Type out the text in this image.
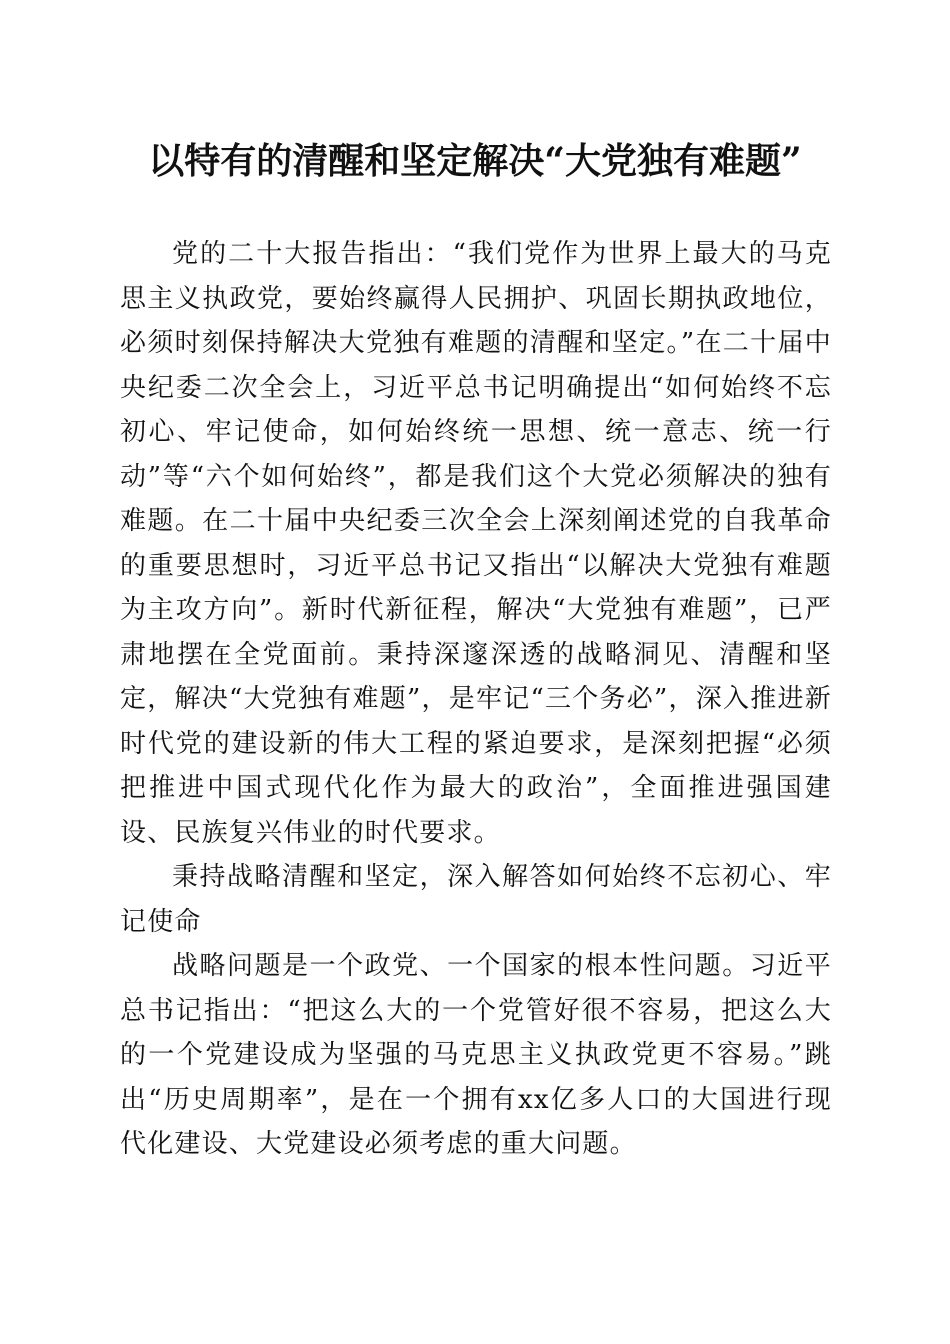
以特有的清醒和坚定解决“大党独有难题”

党的二十大报告指出：“我们党作为世界上最大的马克思主义执政党，要始终赢得人民拥护、巩固长期执政地位，必须时刻保持解决大党独有难题的清醒和坚定。”在二十届中央纪委二次全会上，习近平总书记明确提出“如何始终不忘初心、牢记使命，如何始终统一思想、统一意志、统一行动”等“六个如何始终”，都是我们这个大党必须解决的独有难题。在二十届中央纪委三次全会上深刻阐述党的自我革命的重要思想时，习近平总书记又指出“以解决大党独有难题为主攻方向”。新时代新征程，解决“大党独有难题”，已严肃地摆在全党面前。秉持深邃深透的战略洞见、清醒和坚定，解决“大党独有难题”，是牢记“三个务必”，深入推进新时代党的建设新的伟大工程的紧迫要求，是深刻把握“必须把推进中国式现代化作为最大的政治”，全面推进强国建设、民族复兴伟业的时代要求。

秉持战略清醒和坚定，深入解答如何始终不忘初心、牢记使命

战略问题是一个政党、一个国家的根本性问题。习近平总书记指出：“把这么大的一个党管好很不容易，把这么大的一个党建设成为坚强的马克思主义执政党更不容易。”跳出“历史周期率”，是在一个拥有xx亿多人口的大国进行现代化建设、大党建设必须考虑的重大问题。
